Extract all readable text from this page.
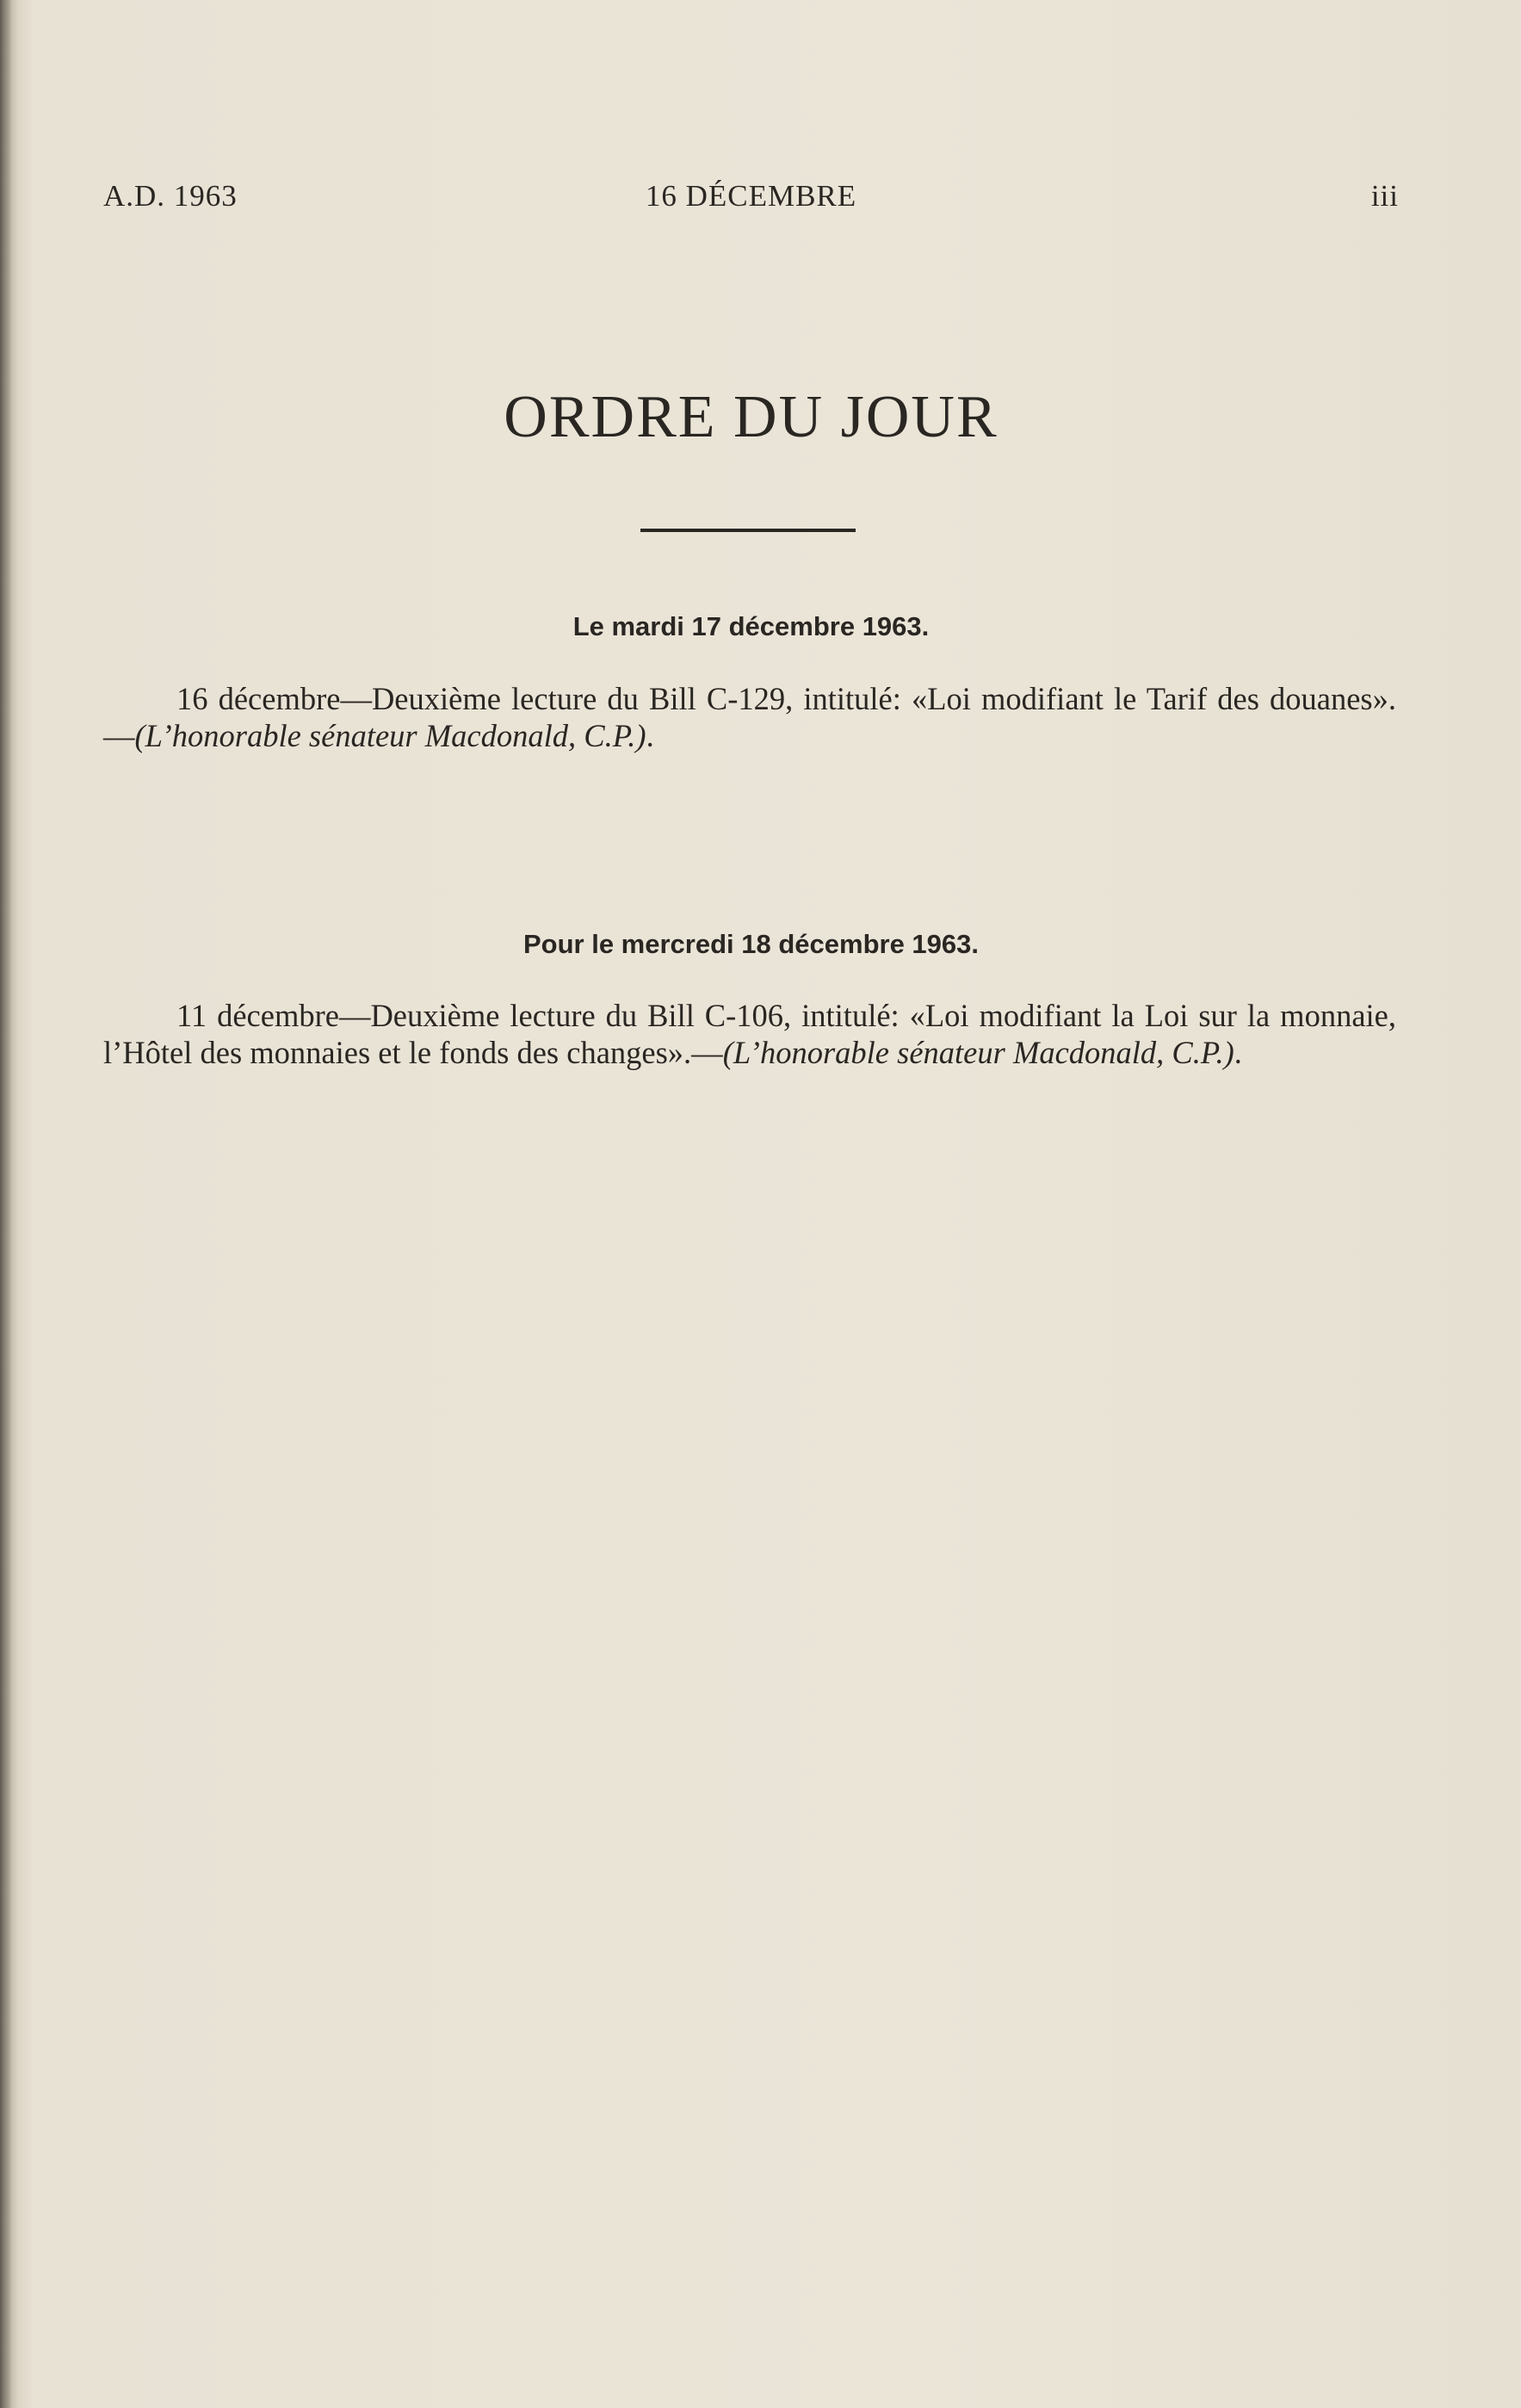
A.D. 1963	16 DÉCEMBRE	iii
ORDRE DU JOUR
Le mardi 17 décembre 1963.

16 décembre—Deuxième lecture du Bill C-129, intitulé: «Loi modifiant le Tarif des douanes».—(L’honorable sénateur Macdonald, C.P.).

Pour le mercredi 18 décembre 1963.

11 décembre—Deuxième lecture du Bill C-106, intitulé: «Loi modifiant la Loi sur la monnaie, l’Hôtel des monnaies et le fonds des changes».—(L’honorable sénateur Macdonald, C.P.).
